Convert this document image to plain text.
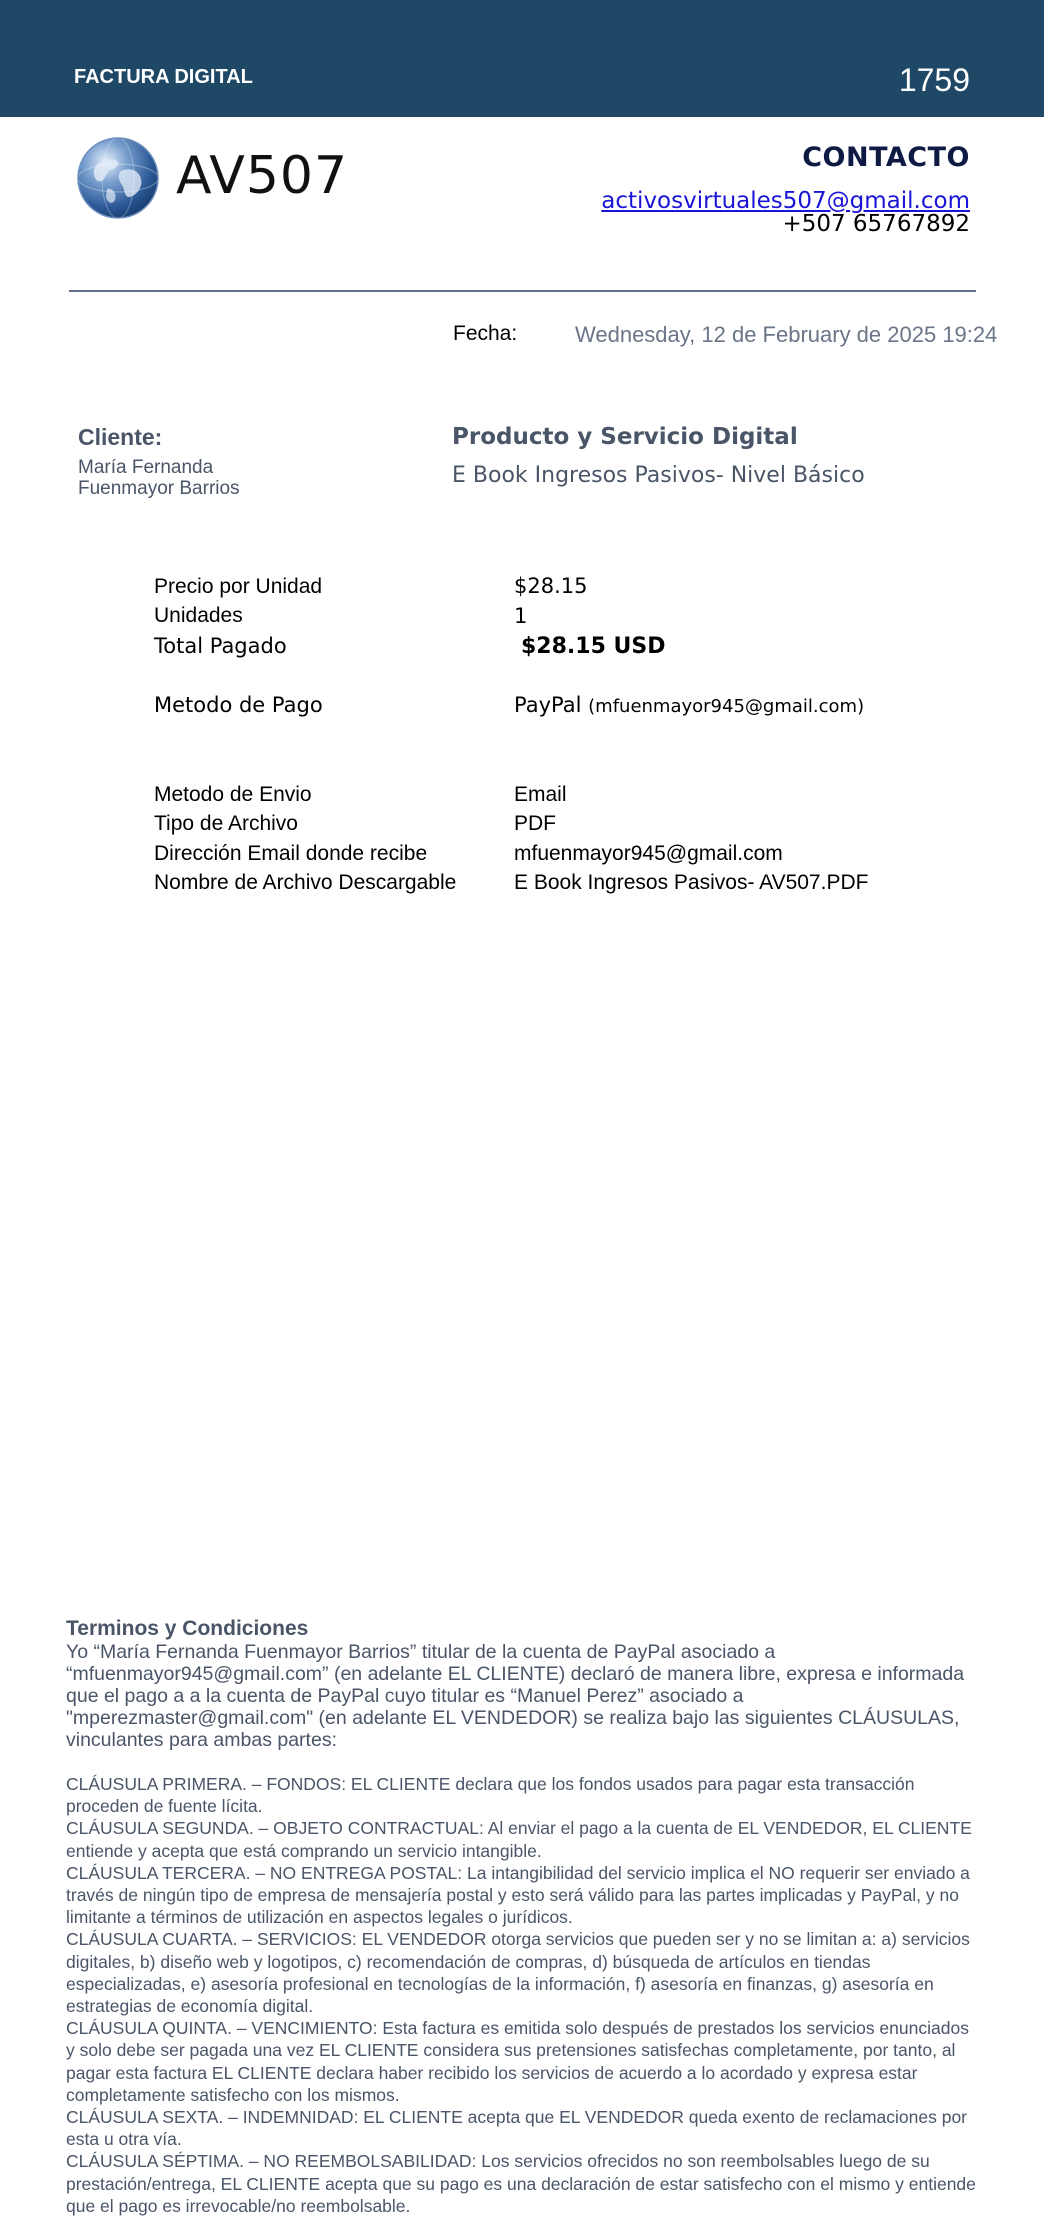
FACTURA DIGITAL	1759
AV507	CONTACTO
activosvirtuales507@gmail.com
+507 65767892
Fecha:	Wednesday, 12 de February de 2025 19:24
Cliente:
María Fernanda Fuenmayor Barrios
Producto y Servicio Digital
E Book Ingresos Pasivos- Nivel Básico
Precio por Unidad	$28.15
Unidades	1
Total Pagado	$28.15 USD
Metodo de Pago	PayPal (mfuenmayor945@gmail.com)
Metodo de Envio	Email
Tipo de Archivo	PDF
Dirección Email donde recibe	mfuenmayor945@gmail.com
Nombre de Archivo Descargable	E Book Ingresos Pasivos- AV507.PDF
Terminos y Condiciones
Yo “María Fernanda Fuenmayor Barrios” titular de la cuenta de PayPal asociado a “mfuenmayor945@gmail.com” (en adelante EL CLIENTE) declaró de manera libre, expresa e informada que el pago a a la cuenta de PayPal cuyo titular es “Manuel Perez” asociado a "mperezmaster@gmail.com" (en adelante EL VENDEDOR) se realiza bajo las siguientes CLÁUSULAS, vinculantes para ambas partes:
CLÁUSULA PRIMERA. – FONDOS: EL CLIENTE declara que los fondos usados para pagar esta transacción proceden de fuente lícita.
CLÁUSULA SEGUNDA. – OBJETO CONTRACTUAL: Al enviar el pago a la cuenta de EL VENDEDOR, EL CLIENTE entiende y acepta que está comprando un servicio intangible.
CLÁUSULA TERCERA. – NO ENTREGA POSTAL: La intangibilidad del servicio implica el NO requerir ser enviado a través de ningún tipo de empresa de mensajería postal y esto será válido para las partes implicadas y PayPal, y no limitante a términos de utilización en aspectos legales o jurídicos.
CLÁUSULA CUARTA. – SERVICIOS: EL VENDEDOR otorga servicios que pueden ser y no se limitan a: a) servicios digitales, b) diseño web y logotipos, c) recomendación de compras, d) búsqueda de artículos en tiendas especializadas, e) asesoría profesional en tecnologías de la información, f) asesoría en finanzas, g) asesoría en estrategias de economía digital.
CLÁUSULA QUINTA. – VENCIMIENTO: Esta factura es emitida solo después de prestados los servicios enunciados y solo debe ser pagada una vez EL CLIENTE considera sus pretensiones satisfechas completamente, por tanto, al pagar esta factura EL CLIENTE declara haber recibido los servicios de acuerdo a lo acordado y expresa estar completamente satisfecho con los mismos.
CLÁUSULA SEXTA. – INDEMNIDAD: EL CLIENTE acepta que EL VENDEDOR queda exento de reclamaciones por esta u otra vía.
CLÁUSULA SÉPTIMA. – NO REEMBOLSABILIDAD: Los servicios ofrecidos no son reembolsables luego de su prestación/entrega, EL CLIENTE acepta que su pago es una declaración de estar satisfecho con el mismo y entiende que el pago es irrevocable/no reembolsable.
